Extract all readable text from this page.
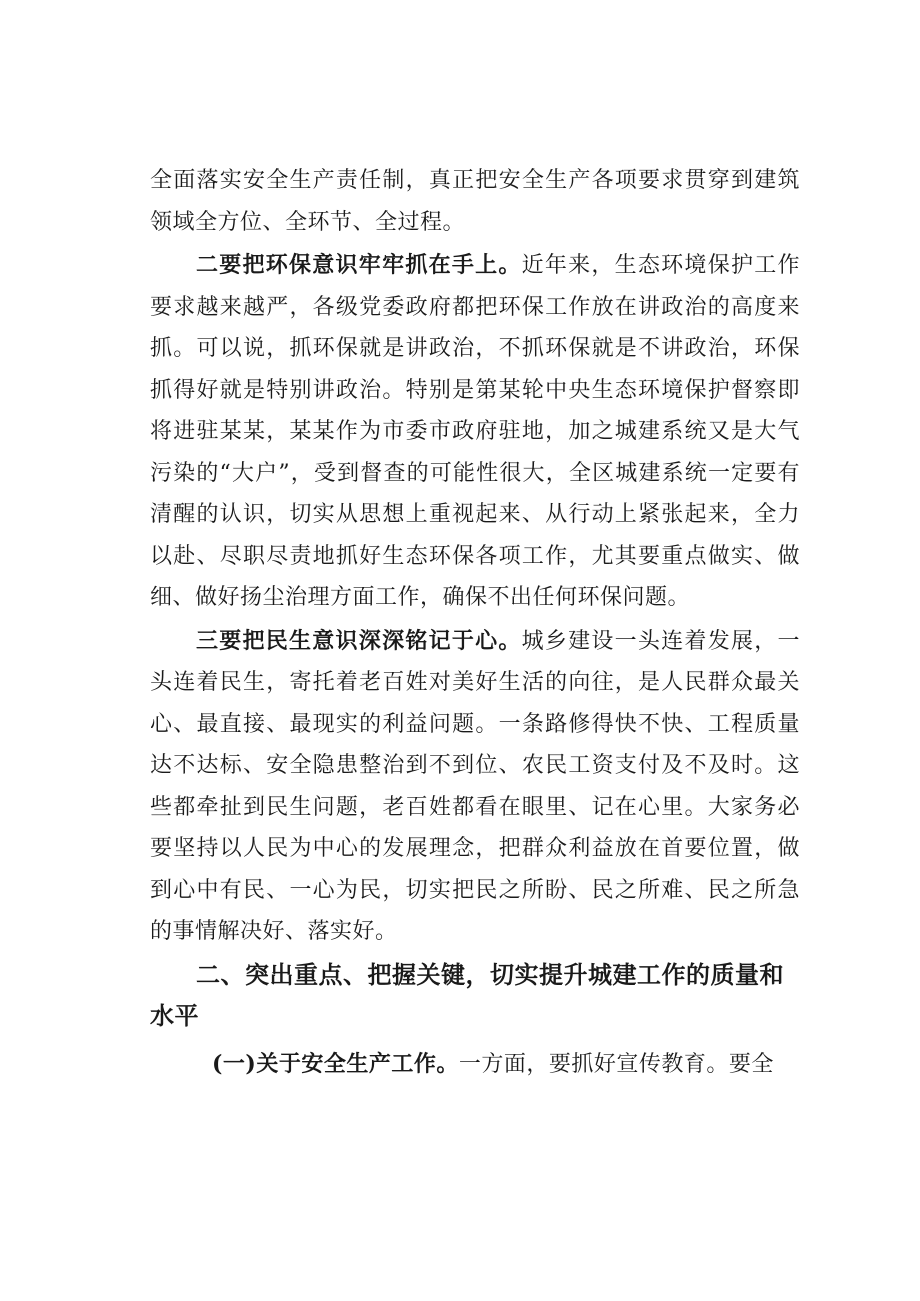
全面落实安全生产责任制，真正把安全生产各项要求贯穿到建筑领域全方位、全环节、全过程。

二要把环保意识牢牢抓在手上。近年来，生态环境保护工作要求越来越严，各级党委政府都把环保工作放在讲政治的高度来抓。可以说，抓环保就是讲政治，不抓环保就是不讲政治，环保抓得好就是特别讲政治。特别是第某轮中央生态环境保护督察即将进驻某某，某某作为市委市政府驻地，加之城建系统又是大气污染的“大户”，受到督查的可能性很大，全区城建系统一定要有清醒的认识，切实从思想上重视起来、从行动上紧张起来，全力以赴、尽职尽责地抓好生态环保各项工作，尤其要重点做实、做细、做好扬尘治理方面工作，确保不出任何环保问题。

三要把民生意识深深铭记于心。城乡建设一头连着发展，一头连着民生，寄托着老百姓对美好生活的向往，是人民群众最关心、最直接、最现实的利益问题。一条路修得快不快、工程质量达不达标、安全隐患整治到不到位、农民工资支付及不及时。这些都牵扯到民生问题，老百姓都看在眼里、记在心里。大家务必要坚持以人民为中心的发展理念，把群众利益放在首要位置，做到心中有民、一心为民，切实把民之所盼、民之所难、民之所急的事情解决好、落实好。

二、突出重点、把握关键，切实提升城建工作的质量和水平

(一)关于安全生产工作。一方面，要抓好宣传教育。要全
